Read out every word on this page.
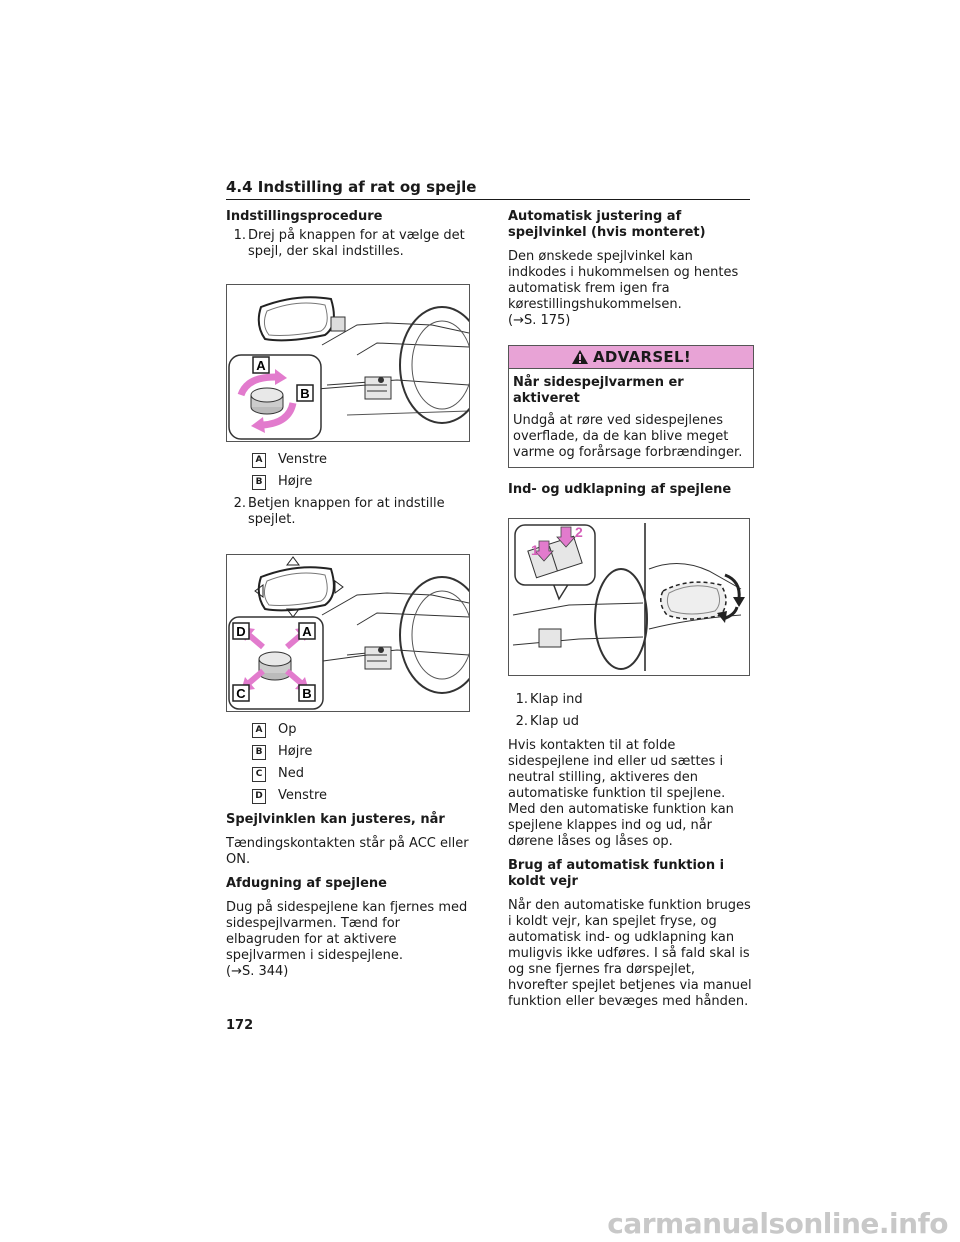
4.4 Indstilling af rat og spejle

Indstillingsprocedure

1. Drej på knappen for at vælge det spejl, der skal indstilles.
A
B

A Venstre

B Højre

2. Betjen knappen for at indstille spejlet.
D	A
C	B

A Op

B Højre

C Ned

D Venstre

Spejlvinklen kan justeres, når

Tændingskontakten står på ACC eller ON.

Afdugning af spejlene

Dug på sidespejlene kan fjernes med sidespejlvarmen. Tænd for elbagruden for at aktivere spejlvarmen i sidespejlene.

(→S. 344)

Automatisk justering af spejlvinkel (hvis monteret)

Den ønskede spejlvinkel kan indkodes i hukommelsen og hentes automatisk frem igen fra kørestillingshukommelsen.

(→S. 175)

ADVARSEL!

Når sidespejlvarmen er aktiveret

Undgå at røre ved sidespejlenes overflade, da de kan blive meget varme og forårsage forbrændinger.

Ind- og udklapning af spejlene

1
2
1. Klap ind
2. Klap ud

Hvis kontakten til at folde sidespejlene ind eller ud sættes i neutral stilling, aktiveres den automatiske funktion til spejlene. Med den automatiske funktion kan spejlene klappes ind og ud, når dørene låses og låses op.

Brug af automatisk funktion i koldt vejr

Når den automatiske funktion bruges i koldt vejr, kan spejlet fryse, og automatisk ind- og udklapning kan muligvis ikke udføres. I så fald skal is og sne fjernes fra dørspejlet, hvorefter spejlet betjenes via manuel funktion eller bevæges med hånden.

172
carmanualsonline.info
